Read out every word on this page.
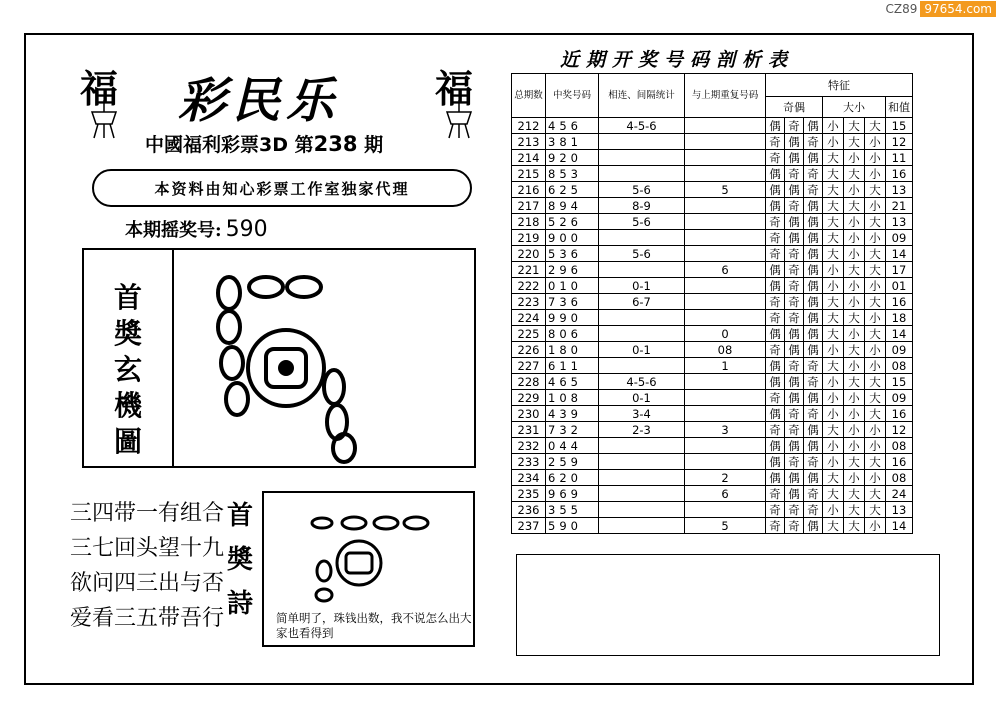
CZ89 97654.com
福	福
彩民乐
中國福利彩票3D 第238 期
本资料由知心彩票工作室独家代理
本期摇奖号: 590
首
奬
玄
機
圖
三四带一有组合
三七回头望十九
欲问四三出与否
爱看三五带吾行
首
奬
詩	简单明了，珠钱出数，我不说怎么出大家也看得到
近期开奖号码剖析表
总期数	中奖号码	相连、间隔统计	与上期重复号码	特征						
				奇偶			大小			和值
212	456	4-5-6		偶	奇	偶	小	大	大	15
213	381			奇	偶	奇	小	大	小	12
214	920			奇	偶	偶	大	小	小	11
215	853			偶	奇	奇	大	大	小	16
216	625	5-6	5	偶	偶	奇	大	小	大	13
217	894	8-9		偶	奇	偶	大	大	小	21
218	526	5-6		奇	偶	偶	大	小	大	13
219	900			奇	偶	偶	大	小	小	09
220	536	5-6		奇	奇	偶	大	小	大	14
221	296		6	偶	奇	偶	小	大	大	17
222	010	0-1		偶	奇	偶	小	小	小	01
223	736	6-7		奇	奇	偶	大	小	大	16
224	990			奇	奇	偶	大	大	小	18
225	806		0	偶	偶	偶	大	小	大	14
226	180	0-1	08	奇	偶	偶	小	大	小	09
227	611		1	偶	奇	奇	大	小	小	08
228	465	4-5-6		偶	偶	奇	小	大	大	15
229	108	0-1		奇	偶	偶	小	小	大	09
230	439	3-4		偶	奇	奇	小	小	大	16
231	732	2-3	3	奇	奇	偶	大	小	小	12
232	044			偶	偶	偶	小	小	小	08
233	259			偶	奇	奇	小	大	大	16
234	620		2	偶	偶	偶	大	小	小	08
235	969		6	奇	偶	奇	大	大	大	24
236	355			奇	奇	奇	小	大	大	13
237	590		5	奇	奇	偶	大	大	小	14
